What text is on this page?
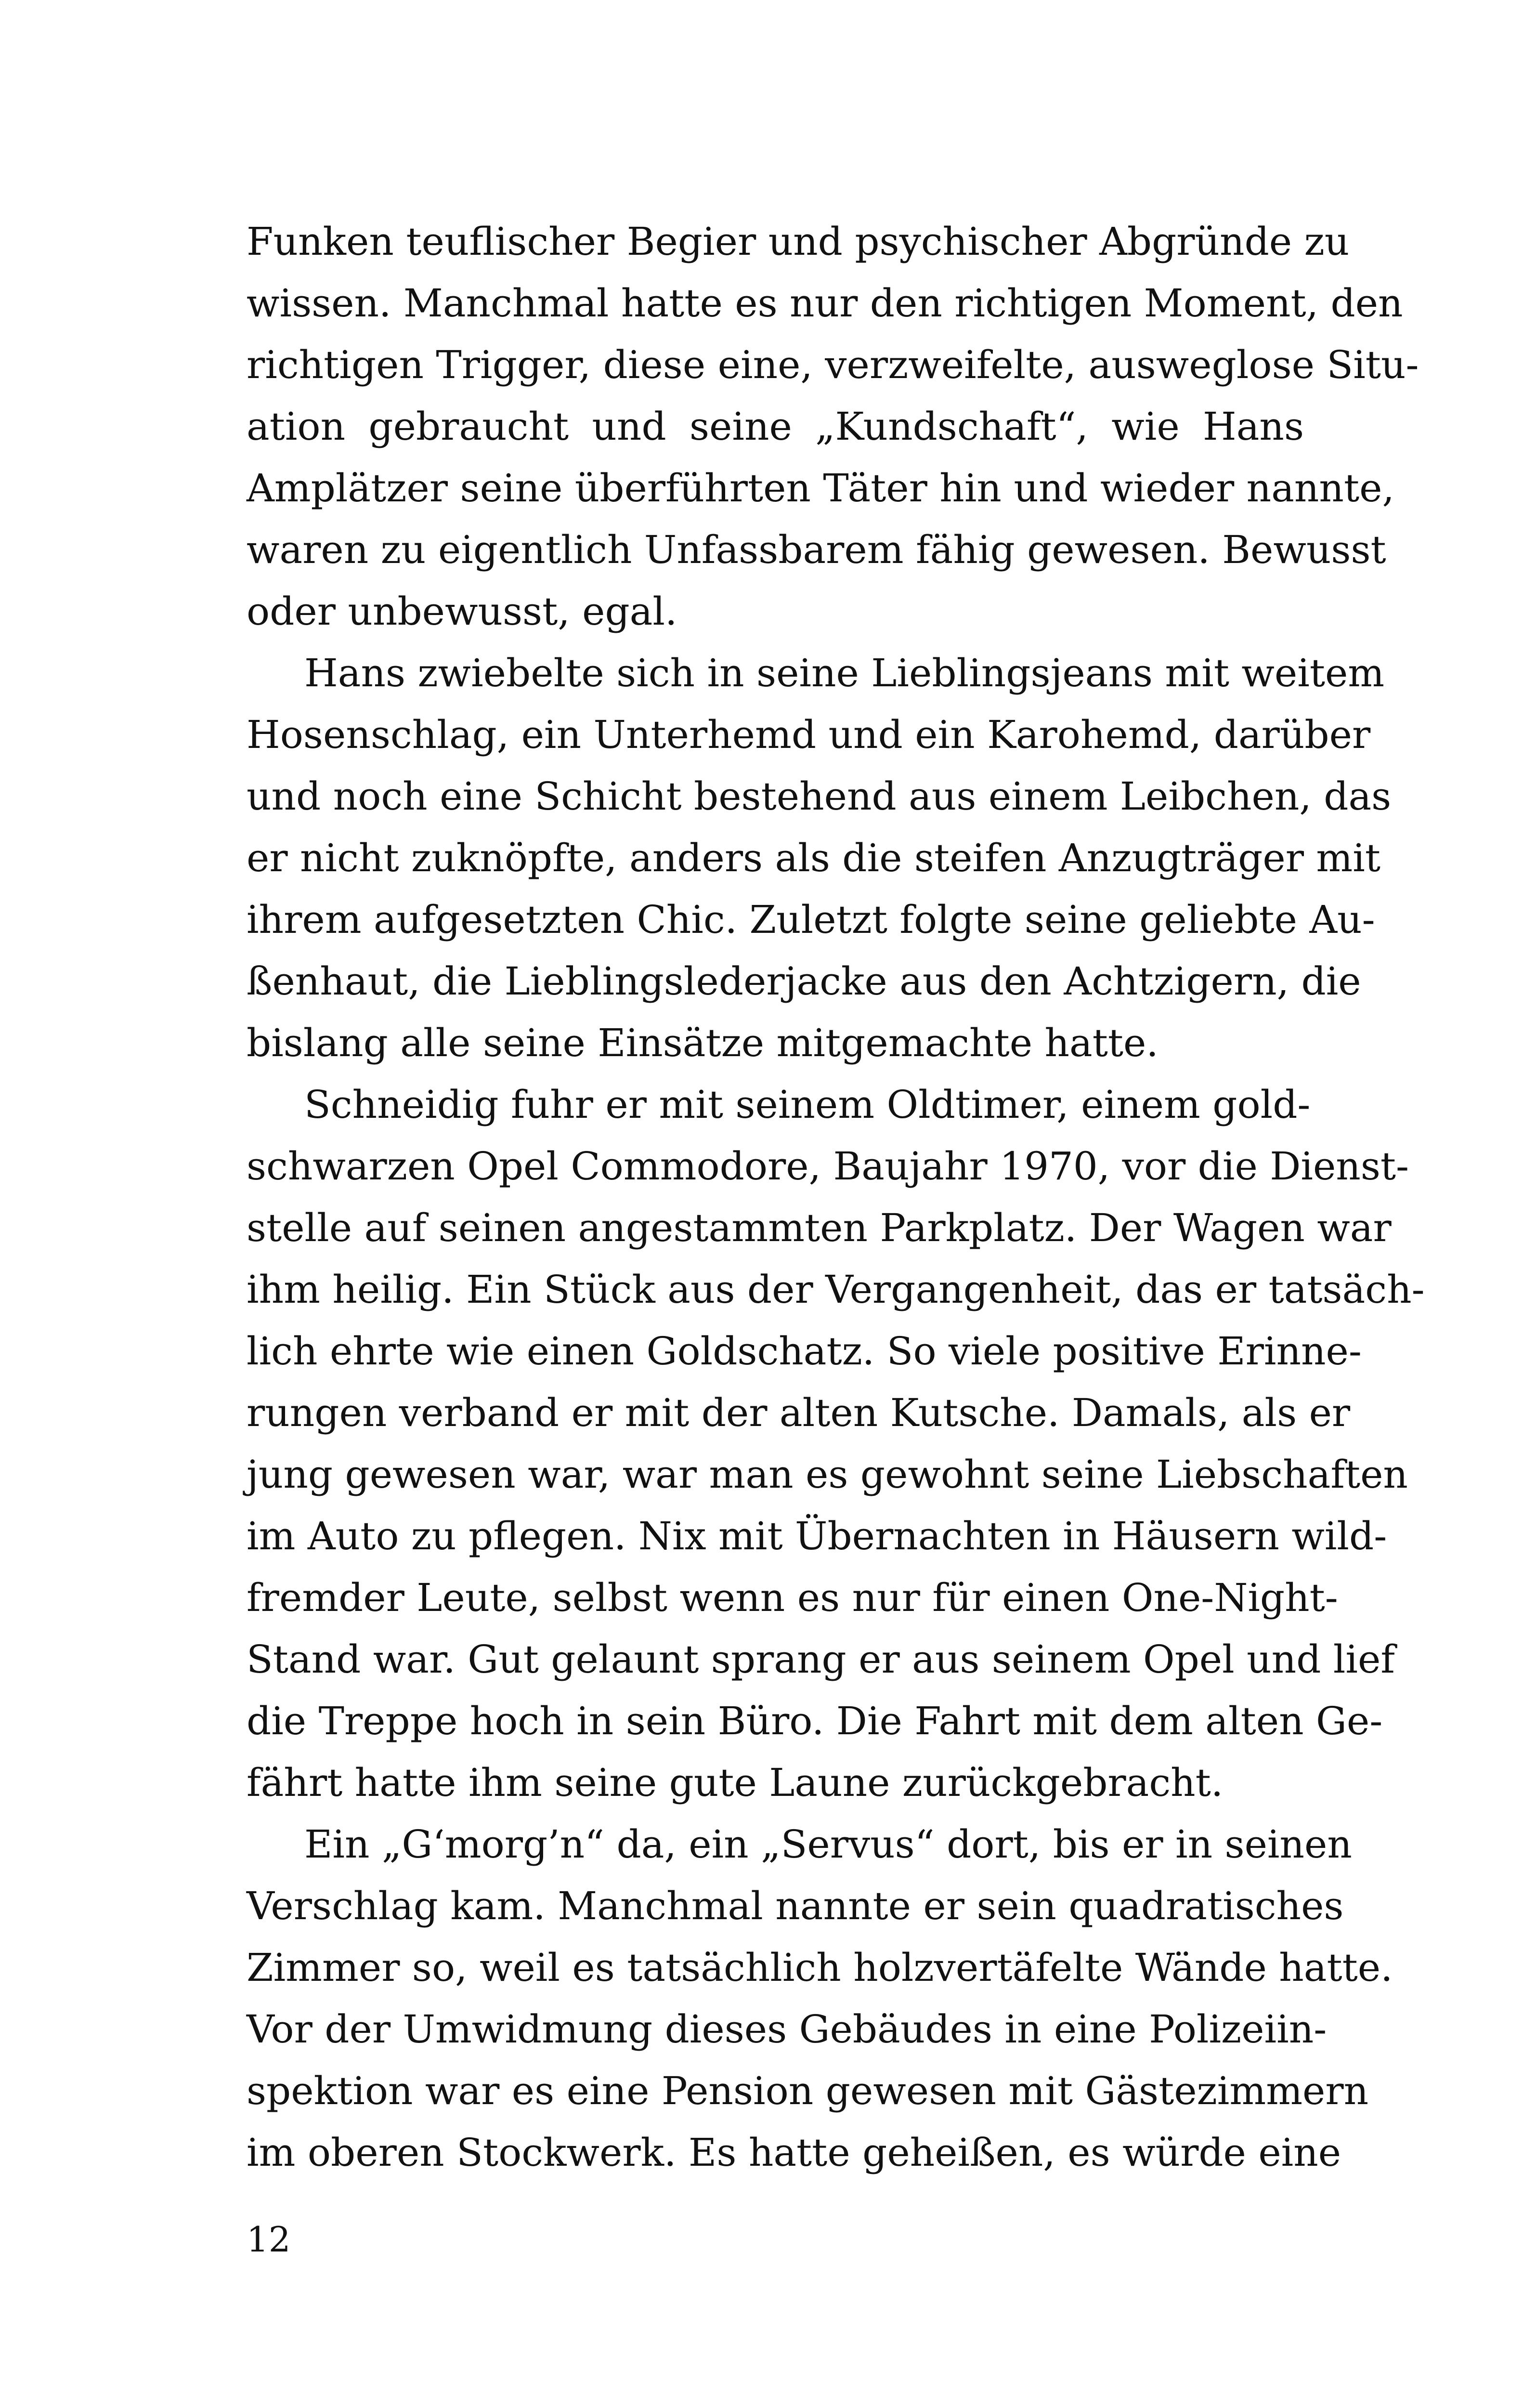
Funken teuflischer Begier und psychischer Abgründe zu
wissen. Manchmal hatte es nur den richtigen Moment, den
richtigen Trigger, diese eine, verzweifelte, ausweglose Situ-
ation gebraucht und seine „Kundschaft“, wie Hans
Amplätzer seine überführten Täter hin und wieder nannte,
waren zu eigentlich Unfassbarem fähig gewesen. Bewusst
oder unbewusst, egal.
Hans zwiebelte sich in seine Lieblingsjeans mit weitem
Hosenschlag, ein Unterhemd und ein Karohemd, darüber
und noch eine Schicht bestehend aus einem Leibchen, das
er nicht zuknöpfte, anders als die steifen Anzugträger mit
ihrem aufgesetzten Chic. Zuletzt folgte seine geliebte Au-
ßenhaut, die Lieblingslederjacke aus den Achtzigern, die
bislang alle seine Einsätze mitgemachte hatte.
Schneidig fuhr er mit seinem Oldtimer, einem gold-
schwarzen Opel Commodore, Baujahr 1970, vor die Dienst-
stelle auf seinen angestammten Parkplatz. Der Wagen war
ihm heilig. Ein Stück aus der Vergangenheit, das er tatsäch-
lich ehrte wie einen Goldschatz. So viele positive Erinne-
rungen verband er mit der alten Kutsche. Damals, als er
jung gewesen war, war man es gewohnt seine Liebschaften
im Auto zu pflegen. Nix mit Übernachten in Häusern wild-
fremder Leute, selbst wenn es nur für einen One-Night-
Stand war. Gut gelaunt sprang er aus seinem Opel und lief
die Treppe hoch in sein Büro. Die Fahrt mit dem alten Ge-
fährt hatte ihm seine gute Laune zurückgebracht.
Ein „G‘morg’n“ da, ein „Servus“ dort, bis er in seinen
Verschlag kam. Manchmal nannte er sein quadratisches
Zimmer so, weil es tatsächlich holzvertäfelte Wände hatte.
Vor der Umwidmung dieses Gebäudes in eine Polizeiin-
spektion war es eine Pension gewesen mit Gästezimmern
im oberen Stockwerk. Es hatte geheißen, es würde eine
12
